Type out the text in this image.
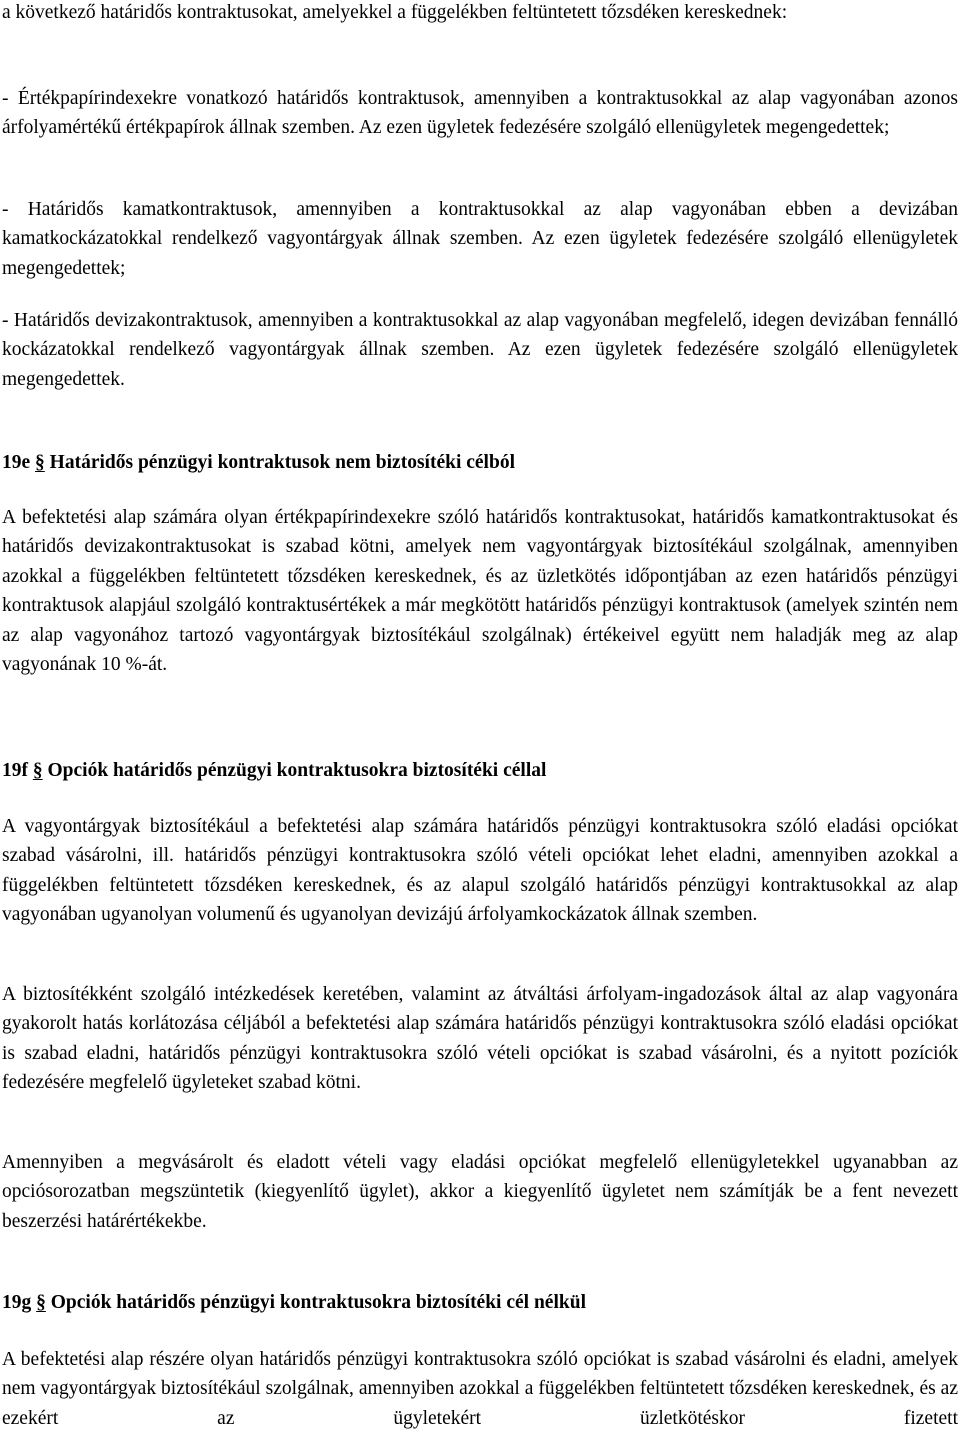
a következő határidős kontraktusokat, amelyekkel a függelékben feltüntetett tőzsdéken kereskednek:

- Értékpapírindexekre vonatkozó határidős kontraktusok, amennyiben a kontraktusokkal az alap vagyonában azonos árfolyamértékű értékpapírok állnak szemben. Az ezen ügyletek fedezésére szolgáló ellenügyletek megengedettek;

- Határidős kamatkontraktusok, amennyiben a kontraktusokkal az alap vagyonában ebben a devizában kamatkockázatokkal rendelkező vagyontárgyak állnak szemben. Az ezen ügyletek fedezésére szolgáló ellenügyletek megengedettek;

- Határidős devizakontraktusok, amennyiben a kontraktusokkal az alap vagyonában megfelelő, idegen devizában fennálló kockázatokkal rendelkező vagyontárgyak állnak szemben. Az ezen ügyletek fedezésére szolgáló ellenügyletek megengedettek.

19e § Határidős pénzügyi kontraktusok nem biztosítéki célból

A befektetési alap számára olyan értékpapírindexekre szóló határidős kontraktusokat, határidős kamatkontraktusokat és határidős devizakontraktusokat is szabad kötni, amelyek nem vagyontárgyak biztosítékául szolgálnak, amennyiben azokkal a függelékben feltüntetett tőzsdéken kereskednek, és az üzletkötés időpontjában az ezen határidős pénzügyi kontraktusok alapjául szolgáló kontraktusértékek a már megkötött határidős pénzügyi kontraktusok (amelyek szintén nem az alap vagyonához tartozó vagyontárgyak biztosítékául szolgálnak) értékeivel együtt nem haladják meg az alap vagyonának 10 %-át.

19f § Opciók határidős pénzügyi kontraktusokra biztosítéki céllal

A vagyontárgyak biztosítékául a befektetési alap számára határidős pénzügyi kontraktusokra szóló eladási opciókat szabad vásárolni, ill. határidős pénzügyi kontraktusokra szóló vételi opciókat lehet eladni, amennyiben azokkal a függelékben feltüntetett tőzsdéken kereskednek, és az alapul szolgáló határidős pénzügyi kontraktusokkal az alap vagyonában ugyanolyan volumenű és ugyanolyan devizájú árfolyamkockázatok állnak szemben.

A biztosítékként szolgáló intézkedések keretében, valamint az átváltási árfolyam-ingadozások által az alap vagyonára gyakorolt hatás korlátozása céljából a befektetési alap számára határidős pénzügyi kontraktusokra szóló eladási opciókat is szabad eladni, határidős pénzügyi kontraktusokra szóló vételi opciókat is szabad vásárolni, és a nyitott pozíciók fedezésére megfelelő ügyleteket szabad kötni.

Amennyiben a megvásárolt és eladott vételi vagy eladási opciókat megfelelő ellenügyletekkel ugyanabban az opciósorozatban megszüntetik (kiegyenlítő ügylet), akkor a kiegyenlítő ügyletet nem számítják be a fent nevezett beszerzési határértékekbe.

19g § Opciók határidős pénzügyi kontraktusokra biztosítéki cél nélkül

A befektetési alap részére olyan határidős pénzügyi kontraktusokra szóló opciókat is szabad vásárolni és eladni, amelyek nem vagyontárgyak biztosítékául szolgálnak, amennyiben azokkal a függelékben feltüntetett tőzsdéken kereskednek, és az ezekért az ügyletekért üzletkötéskor fizetett
